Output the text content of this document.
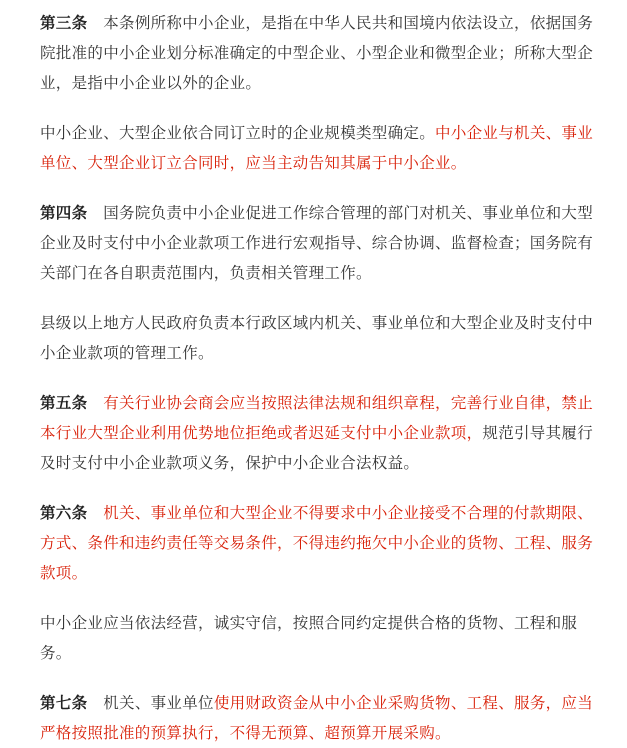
第三条　 本条例所称中小企业，是指在中华人民共和国境内依法设立，依据国务院批准的中小企业划分标准确定的中型企业、小型企业和微型企业；所称大型企业，是指中小企业以外的企业。

中小企业、大型企业依合同订立时的企业规模类型确定。中小企业与机关、事业单位、大型企业订立合同时，应当主动告知其属于中小企业。

第四条　 国务院负责中小企业促进工作综合管理的部门对机关、事业单位和大型企业及时支付中小企业款项工作进行宏观指导、综合协调、监督检查；国务院有关部门在各自职责范围内，负责相关管理工作。

县级以上地方人民政府负责本行政区域内机关、事业单位和大型企业及时支付中小企业款项的管理工作。

第五条　 有关行业协会商会应当按照法律法规和组织章程，完善行业自律，禁止本行业大型企业利用优势地位拒绝或者迟延支付中小企业款项，规范引导其履行及时支付中小企业款项义务，保护中小企业合法权益。

第六条　 机关、事业单位和大型企业不得要求中小企业接受不合理的付款期限、方式、条件和违约责任等交易条件，不得违约拖欠中小企业的货物、工程、服务款项。

中小企业应当依法经营，诚实守信，按照合同约定提供合格的货物、工程和服务。

第七条　 机关、事业单位使用财政资金从中小企业采购货物、工程、服务，应当严格按照批准的预算执行，不得无预算、超预算开展采购。
